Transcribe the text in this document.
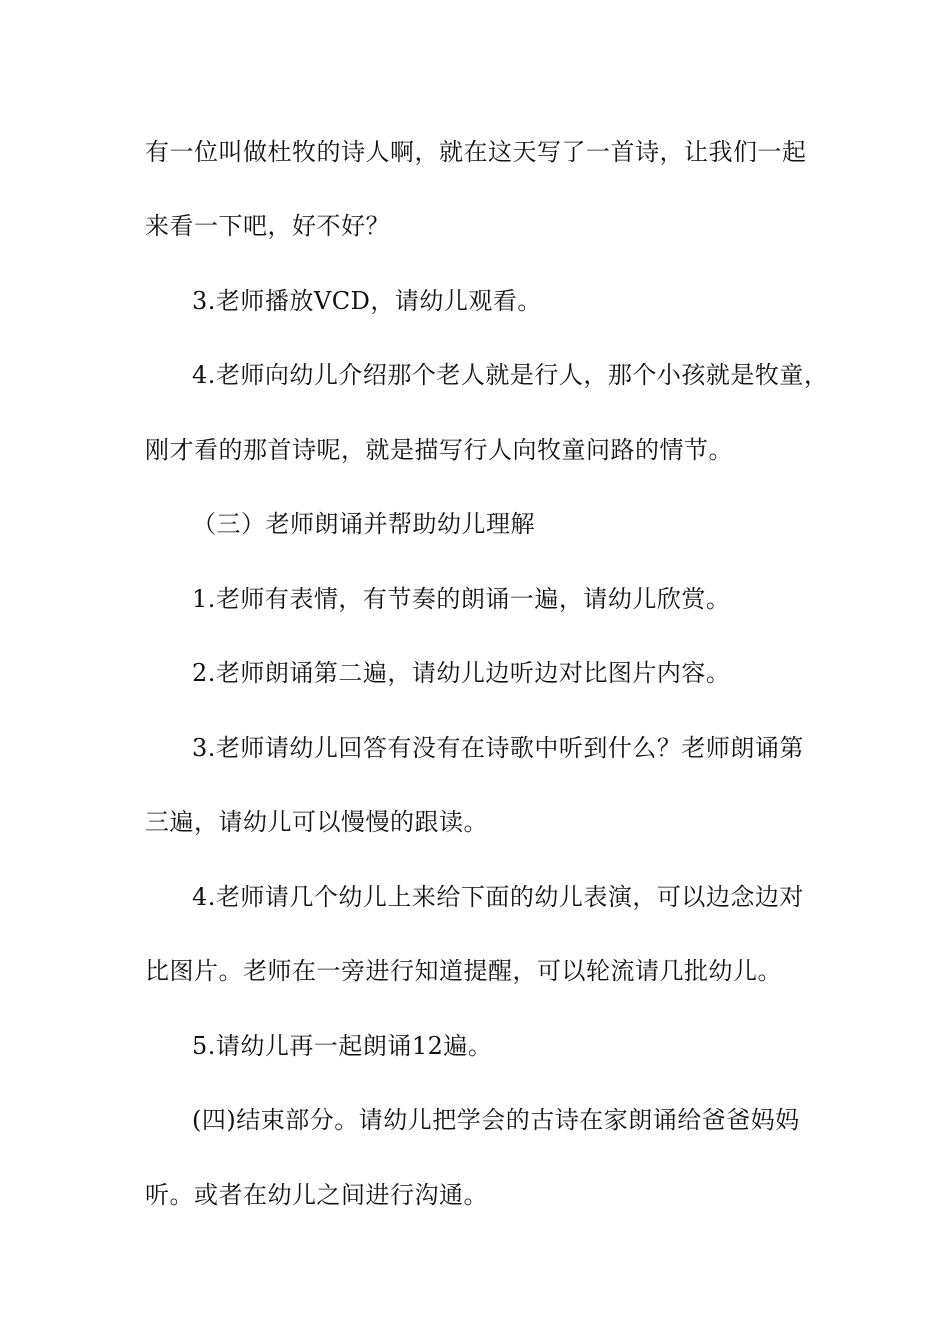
有一位叫做杜牧的诗人啊，就在这天写了一首诗，让我们一起
来看一下吧，好不好？
3.老师播放VCD，请幼儿观看。
4.老师向幼儿介绍那个老人就是行人，那个小孩就是牧童，
刚才看的那首诗呢，就是描写行人向牧童问路的情节。
（三）老师朗诵并帮助幼儿理解
1.老师有表情，有节奏的朗诵一遍，请幼儿欣赏。
2.老师朗诵第二遍，请幼儿边听边对比图片内容。
3.老师请幼儿回答有没有在诗歌中听到什么？老师朗诵第
三遍，请幼儿可以慢慢的跟读。
4.老师请几个幼儿上来给下面的幼儿表演，可以边念边对
比图片。老师在一旁进行知道提醒，可以轮流请几批幼儿。
5.请幼儿再一起朗诵12遍。
(四)结束部分。请幼儿把学会的古诗在家朗诵给爸爸妈妈
听。或者在幼儿之间进行沟通。
